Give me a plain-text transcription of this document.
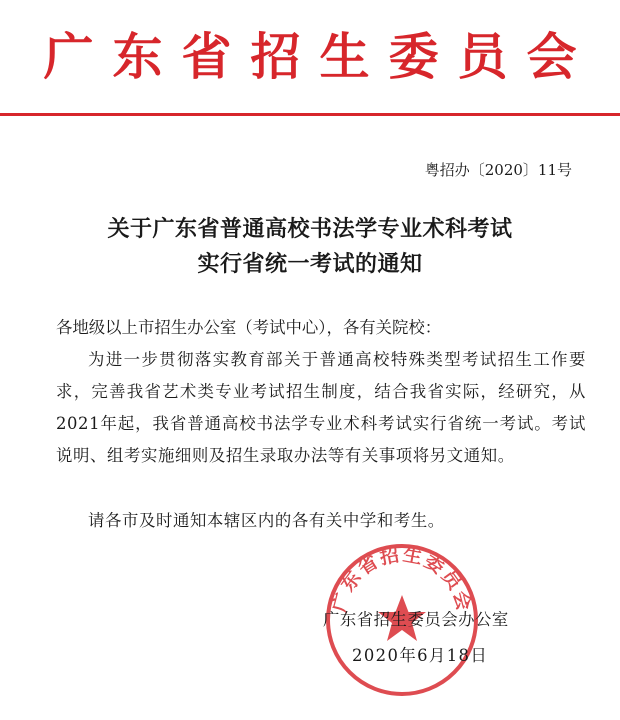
广东省招生委员会
粤招办〔2020〕11号
关于广东省普通高校书法学专业术科考试
实行省统一考试的通知
各地级以上市招生办公室（考试中心），各有关院校：
为进一步贯彻落实教育部关于普通高校特殊类型考试招生工作要求，完善我省艺术类专业考试招生制度，结合我省实际，经研究，从2021年起，我省普通高校书法学专业术科考试实行省统一考试。考试说明、组考实施细则及招生录取办法等有关事项将另文通知。
请各市及时通知本辖区内的各有关中学和考生。
广东省招生委员会
广东省招生委员会办公室
2020年6月18日
